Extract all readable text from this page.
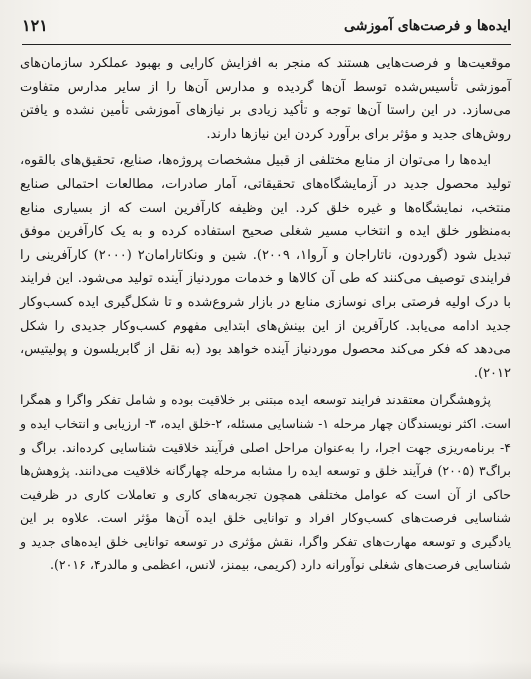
ایده‌ها و فرصت‌های آموزشی
۱۲۱

موقعیت‌ها و فرصت‌هایی هستند که منجر به افزایش کارایی و بهبود عملکرد سازمان‌های آموزشی تأسیس‌شده توسط آن‌ها گردیده و مدارس آن‌ها را از سایر مدارس متفاوت می‌سازد. در این راستا آن‌ها توجه و تأکید زیادی بر نیازهای آموزشی تأمین نشده و یافتن روش‌های جدید و مؤثر برای برآورد کردن این نیازها دارند.

ایده‌ها را می‌توان از منابع مختلفی از قبیل مشخصات پروژه‌ها، صنایع، تحقیق‌های بالقوه، تولید محصول جدید در آزمایشگاه‌های تحقیقاتی، آمار صادرات، مطالعات احتمالی صنایع منتخب، نمایشگاه‌ها و غیره خلق کرد. این وظیفه کارآفرین است که از بسیاری منابع به‌منظور خلق ایده و انتخاب مسیر شغلی صحیح استفاده کرده و به یک کارآفرین موفق تبدیل شود (گوردون، ناتاراجان و آروا۱، ۲۰۰۹). شین و ونکاتارامان۲ (۲۰۰۰) کارآفرینی را فرایندی توصیف می‌کنند که طی آن کالاها و خدمات موردنیاز آینده تولید می‌شود. این فرایند با درک اولیه فرصتی برای نوسازی منابع در بازار شروع‌شده و تا شکل‌گیری ایده کسب‌وکار جدید ادامه می‌یابد. کارآفرین از این بینش‌های ابتدایی مفهوم کسب‌وکار جدیدی را شکل می‌دهد که فکر می‌کند محصول موردنیاز آینده خواهد بود (به نقل از گابریلسون و پولیتیس، ۲۰۱۲).

پژوهشگران معتقدند فرایند توسعه ایده مبتنی بر خلاقیت بوده و شامل تفکر واگرا و همگرا است. اکثر نویسندگان چهار مرحله ۱- شناسایی مسئله، ۲-خلق ایده، ۳- ارزیابی و انتخاب ایده و ۴- برنامه‌ریزی جهت اجرا، را به‌عنوان مراحل اصلی فرآیند خلاقیت شناسایی کرده‌اند. براگ و براگ۳ (۲۰۰۵) فرآیند خلق و توسعه ایده را مشابه مرحله چهارگانه خلاقیت می‌دانند. پژوهش‌ها حاکی از آن است که عوامل مختلفی همچون تجربه‌های کاری و تعاملات کاری در ظرفیت شناسایی فرصت‌های کسب‌وکار افراد و توانایی خلق ایده آن‌ها مؤثر است. علاوه بر این یادگیری و توسعه مهارت‌های تفکر واگرا، نقش مؤثری در توسعه توانایی خلق ایده‌های جدید و شناسایی فرصت‌های شغلی نوآورانه دارد (کریمی، بیمنز، لانس، اعظمی و مالدر۴، ۲۰۱۶).
